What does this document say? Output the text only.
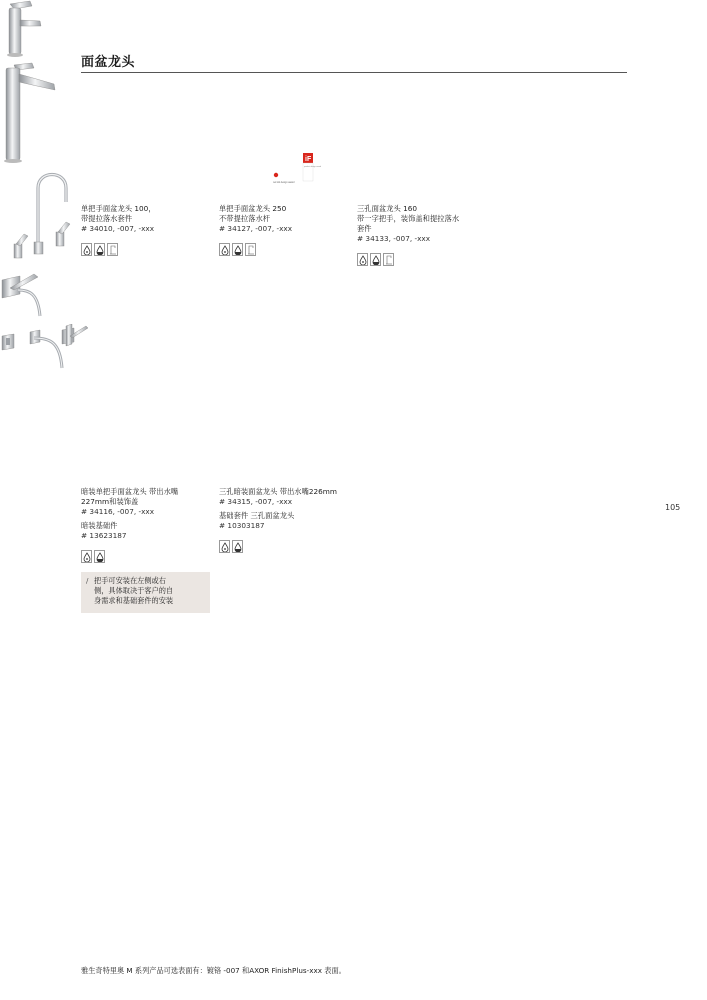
面盆龙头
单把手面盆龙头 100，
带提拉落水套件
# 34010, -007, -xxx
iF
product design award
red dot design award
单把手面盆龙头 250
不带提拉落水杆
# 34127, -007, -xxx
三孔面盆龙头 160
带一字把手，装饰盖和提拉落水
套件
# 34133, -007, -xxx
暗装单把手面盆龙头 带出水嘴
227mm和装饰盖
# 34116, -007, -xxx
暗装基础件
# 13623187
三孔暗装面盆龙头 带出水嘴226mm
# 34315, -007, -xxx
基础套件 三孔面盆龙头
# 10303187
/ 把手可安装在左侧或右
侧，具体取决于客户的自
身需求和基础套件的安装
105
雅生奇特里奥 M 系列产品可选表面有：镀铬 -007 和AXOR FinishPlus-xxx 表面。
